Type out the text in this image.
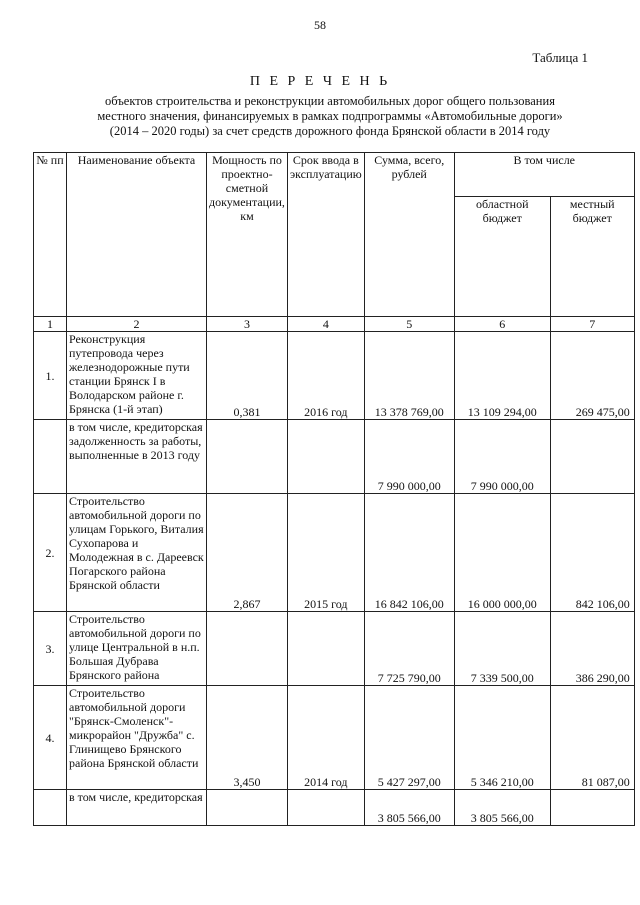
58
Таблица 1
П Е Р Е Ч Е Н Ь
объектов строительства и реконструкции автомобильных дорог общего пользования
местного значения, финансируемых в рамках подпрограммы «Автомобильные дороги»
(2014 – 2020 годы) за счет средств дорожного фонда Брянской области в 2014 году
№ пп	Наименование объекта	Мощность по проектно-сметной документации, км	Срок ввода в эксплуатацию	Сумма, всего, рублей	В том числе	
					областной бюджет	местный бюджет
1	2	3	4	5	6	7
1.	Реконструкция путепровода через железнодорожные пути станции Брянск I в Володарском районе г. Брянска (1-й этап)	0,381	2016 год	13 378 769,00	13 109 294,00	269 475,00
	в том числе, кредиторская задолженность за работы, выполненные в 2013 году			7 990 000,00	7 990 000,00	
2.	Строительство автомобильной дороги по улицам Горького, Виталия Сухопарова и Молодежная в с. Дареевск Погарского района Брянской области	2,867	2015 год	16 842 106,00	16 000 000,00	842 106,00
3.	Строительство автомобильной дороги по улице Центральной в н.п. Большая Дубрава Брянского района			7 725 790,00	7 339 500,00	386 290,00
4.	Строительство автомобильной дороги "Брянск-Смоленск"-микрорайон "Дружба" с. Глинищево Брянского района Брянской области	3,450	2014 год	5 427 297,00	5 346 210,00	81 087,00
	в том числе, кредиторская			3 805 566,00	3 805 566,00	
